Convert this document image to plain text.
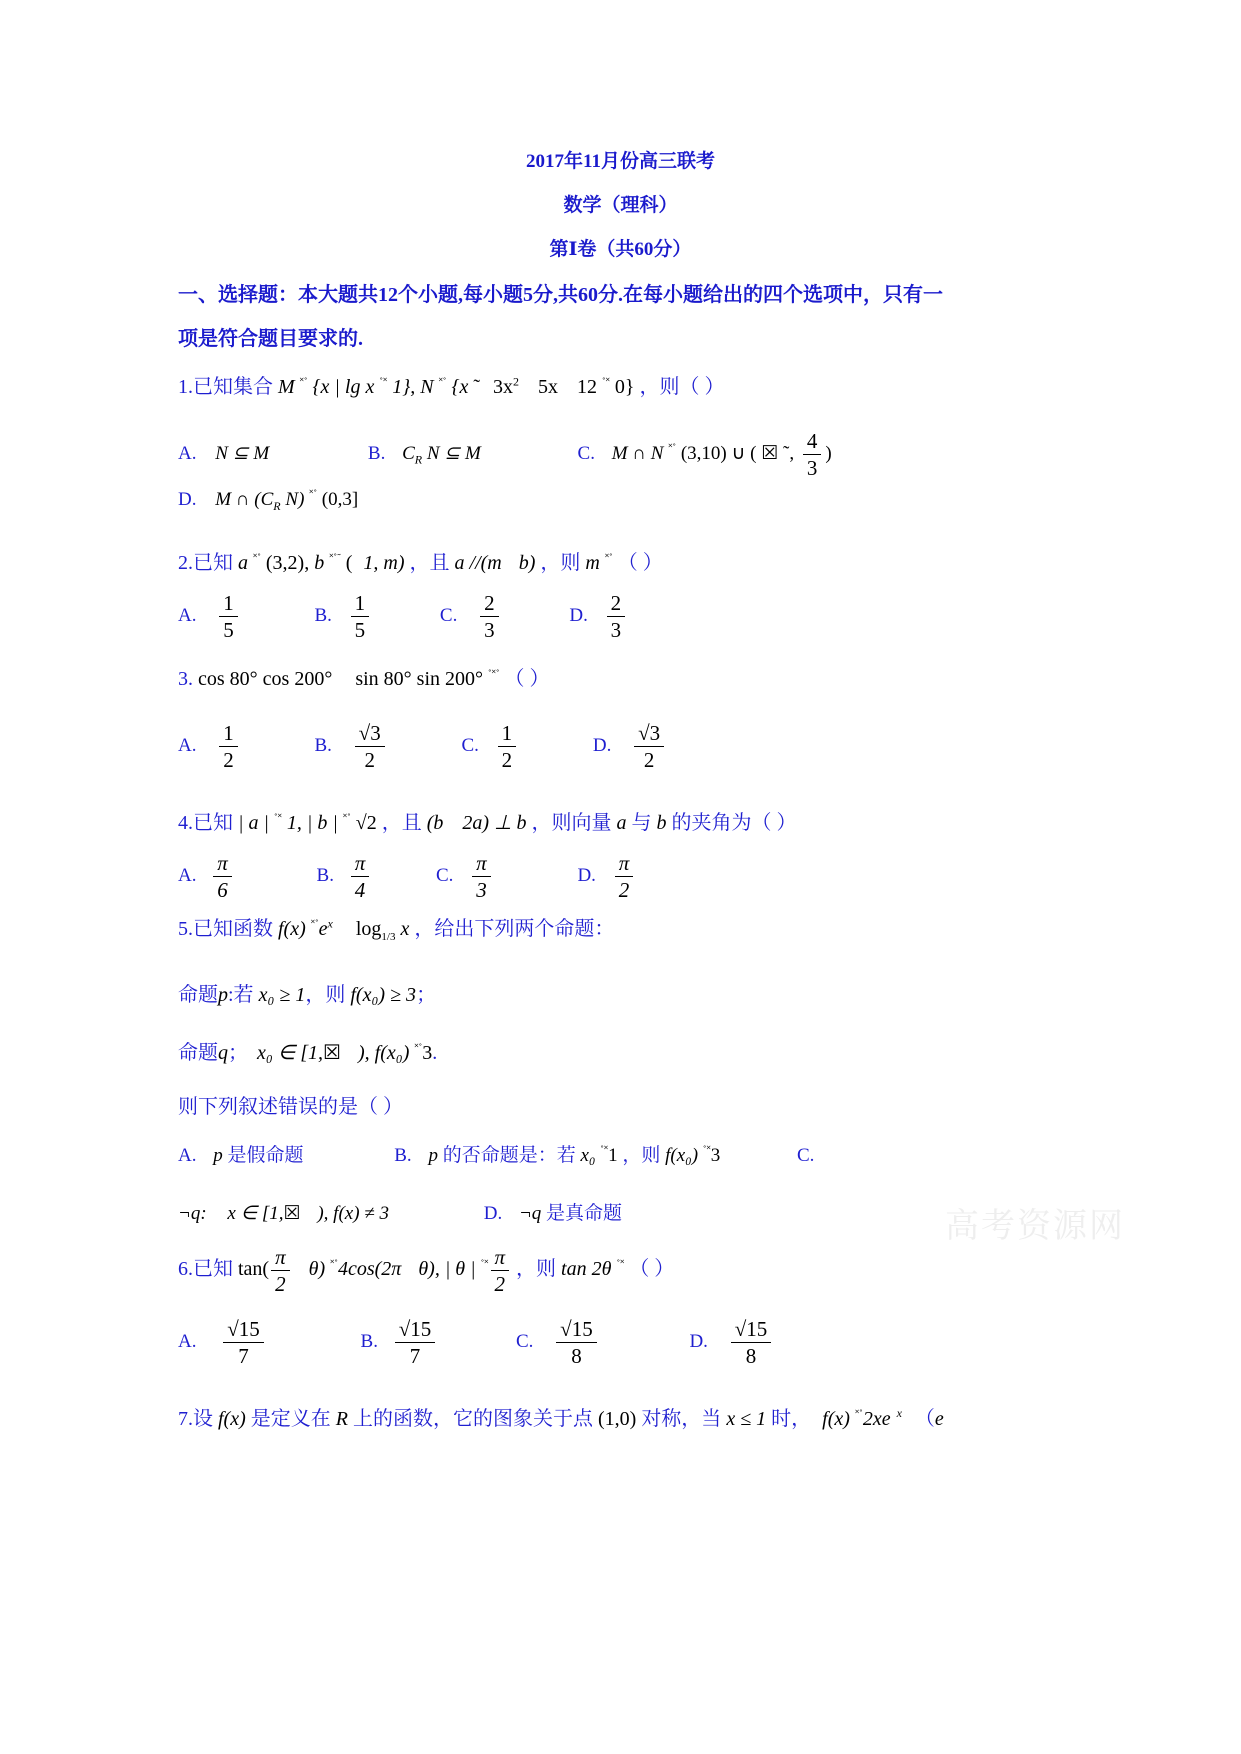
2017年11月份高三联考
数学（理科）
第Ⅰ卷（共60分）
一、选择题：本大题共12个小题,每小题5分,共60分.在每小题给出的四个选项中，只有一
项是符合题目要求的.
1.已知集合 M ˟˚ {x | lg x ˚˟ 1}, N ˟˚ {x ˜ $3x^2$ 5x 12 ˚˟ 0} ，则（ ）
A. N ⊆ M	B. $C_R$ N ⊆ M	C. M ∩ N ˟˚ (3,10) ∪ ( ☒ ˜, $\frac{4}{3}$ )
D. M ∩ ($C_R$ N) ˟˚ (0,3]
2.已知 a ˟˚ (3,2), b ˟˚˜ ( 1, m) ，且 a //(m b) ，则 m ˟˚ （ ）
A. $\frac{1}{5}$	B. $\frac{1}{5}$	C. $\frac{2}{3}$	D. $\frac{2}{3}$
3. cos 80° cos 200° sin 80° sin 200° ˚˟˚ （ ）
A. $\frac{1}{2}$	B. $\frac{√3}{2}$	C. $\frac{1}{2}$	D. $\frac{√3}{2}$
4.已知 | a | ˚˟ 1, | b | ˟˚ √2 ，且 (b 2a) ⊥ b ，则向量 a 与 b 的夹角为（ ）
A. $\frac{\pi}{6}$	B. $\frac{\pi}{4}$	C. $\frac{\pi}{3}$	D. $\frac{\pi}{2}$
5.已知函数 f(x) $^{˟˚}e^x$ $\log_{1/3} x$ ，给出下列两个命题：
命题p:若 x₀ ≥ 1，则 f(x₀) ≥ 3；
命题q； x₀ ∈ [1,☒ ), f(x₀) ˟˚3.
则下列叙述错误的是（ ）
A. p 是假命题	B. p 的否命题是：若 x₀ ˚˟1 ，则 f(x₀) ˚˟3	C.
¬q: x ∈ [1,☒ ), f(x) ≠ 3	D. ¬q 是真命题	高考资源网
6.已知 $\tan( \frac{\pi}{2} \theta)$ ˟˚4cos(2π θ), | θ | $^{˚˟} \frac{\pi}{2}$ ，则 tan 2θ ˚˟ （ ）
A. $\frac{√15}{7}$	B. $\frac{√15}{7}$	C. $\frac{√15}{8}$	D. $\frac{√15}{8}$
7.设 f(x) 是定义在 R 上的函数，它的图象关于点 (1,0) 对称，当 x ≤ 1 时， f(x) ˟˚2xe $^x$ （e
